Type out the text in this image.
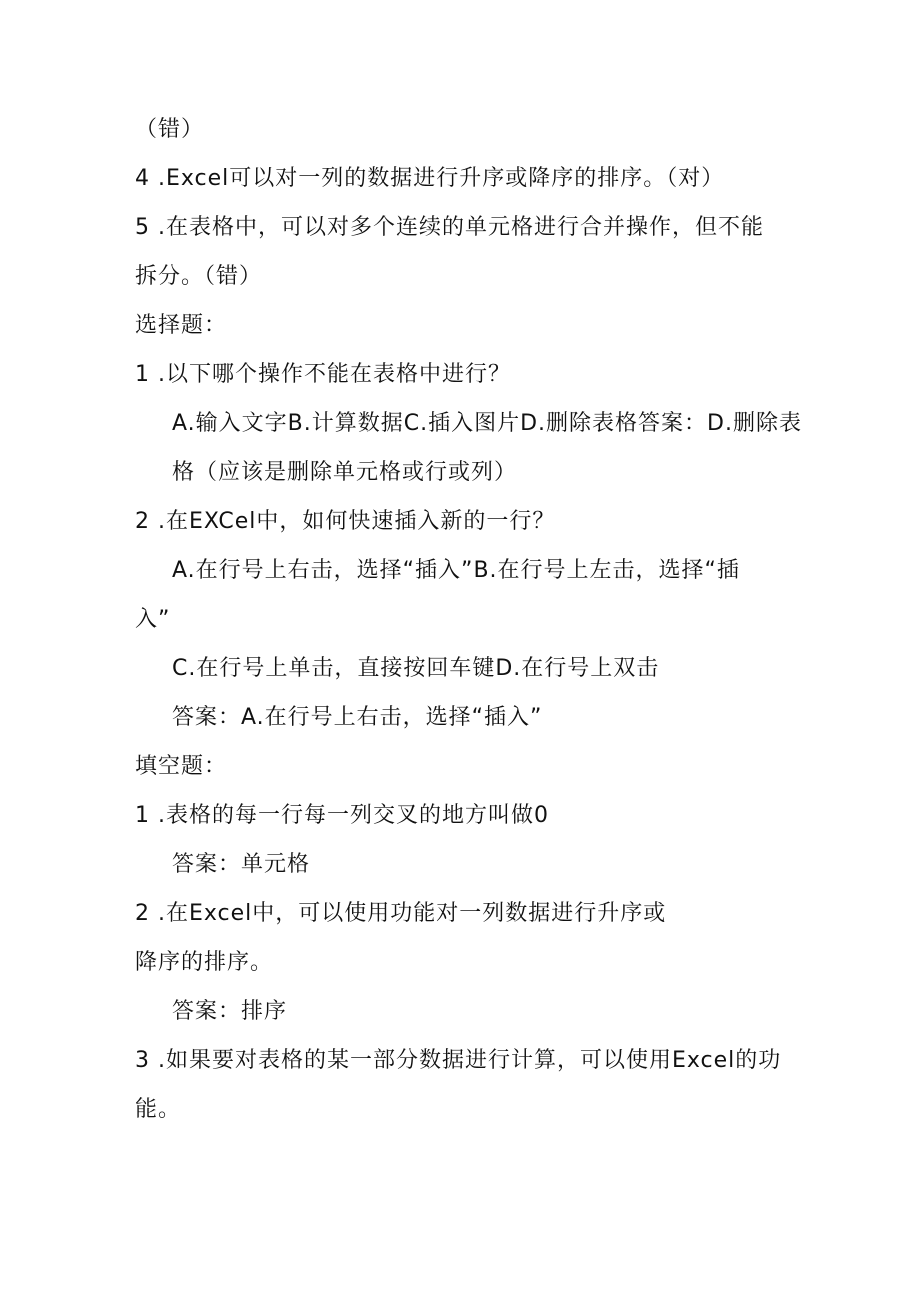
（错）
4 .Excel可以对一列的数据进行升序或降序的排序。（对）
5 .在表格中，可以对多个连续的单元格进行合并操作，但不能
拆分。（错）
选择题：
1 .以下哪个操作不能在表格中进行？
A.输入文字B.计算数据C.插入图片D.删除表格答案：D.删除表
格（应该是删除单元格或行或列）
2 .在EXCel中，如何快速插入新的一行？
A.在行号上右击，选择“插入”B.在行号上左击，选择“插
入”
C.在行号上单击，直接按回车键D.在行号上双击
答案：A.在行号上右击，选择“插入”
填空题：
1 .表格的每一行每一列交叉的地方叫做0
答案：单元格
2 .在Excel中，可以使用功能对一列数据进行升序或
降序的排序。
答案：排序
3 .如果要对表格的某一部分数据进行计算，可以使用Excel的功
能。
